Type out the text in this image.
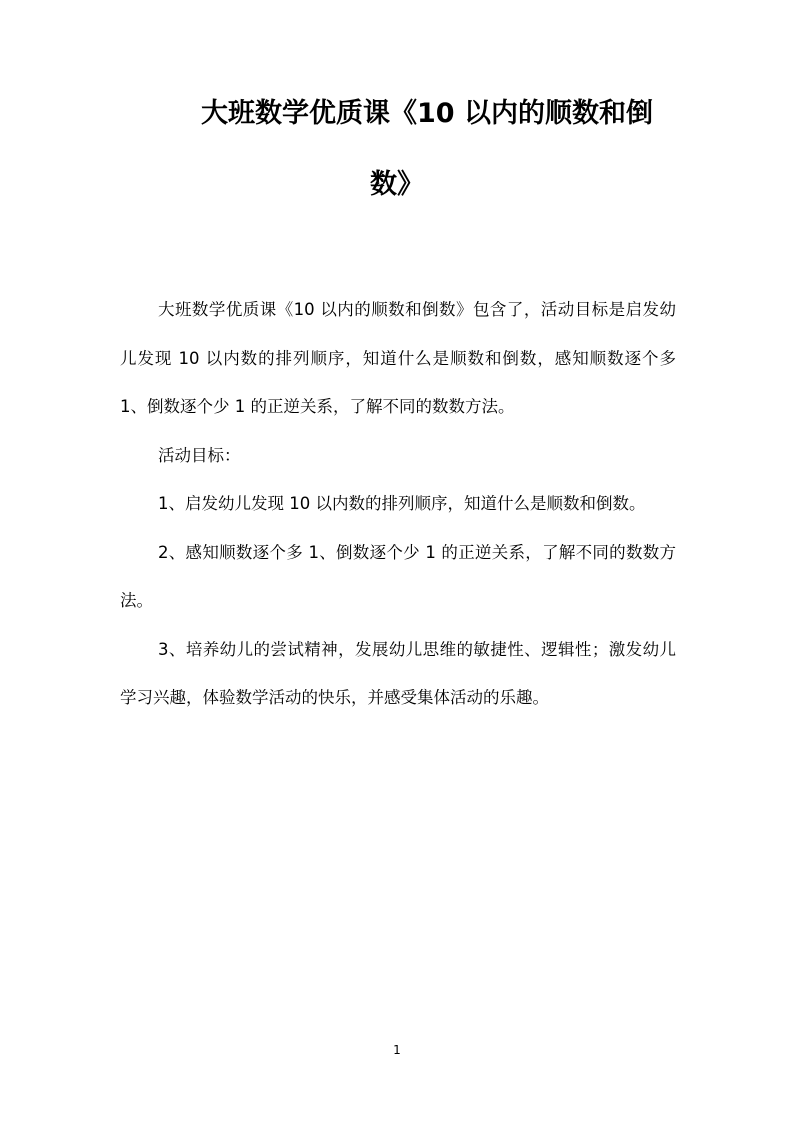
大班数学优质课《10 以内的顺数和倒
数》

大班数学优质课《10 以内的顺数和倒数》包含了，活动目标是启发幼儿发现 10 以内数的排列顺序，知道什么是顺数和倒数，感知顺数逐个多 1、倒数逐个少 1 的正逆关系，了解不同的数数方法。

活动目标：

1、启发幼儿发现 10 以内数的排列顺序，知道什么是顺数和倒数。

2、感知顺数逐个多 1、倒数逐个少 1 的正逆关系，了解不同的数数方法。

3、培养幼儿的尝试精神，发展幼儿思维的敏捷性、逻辑性；激发幼儿学习兴趣，体验数学活动的快乐，并感受集体活动的乐趣。

1
